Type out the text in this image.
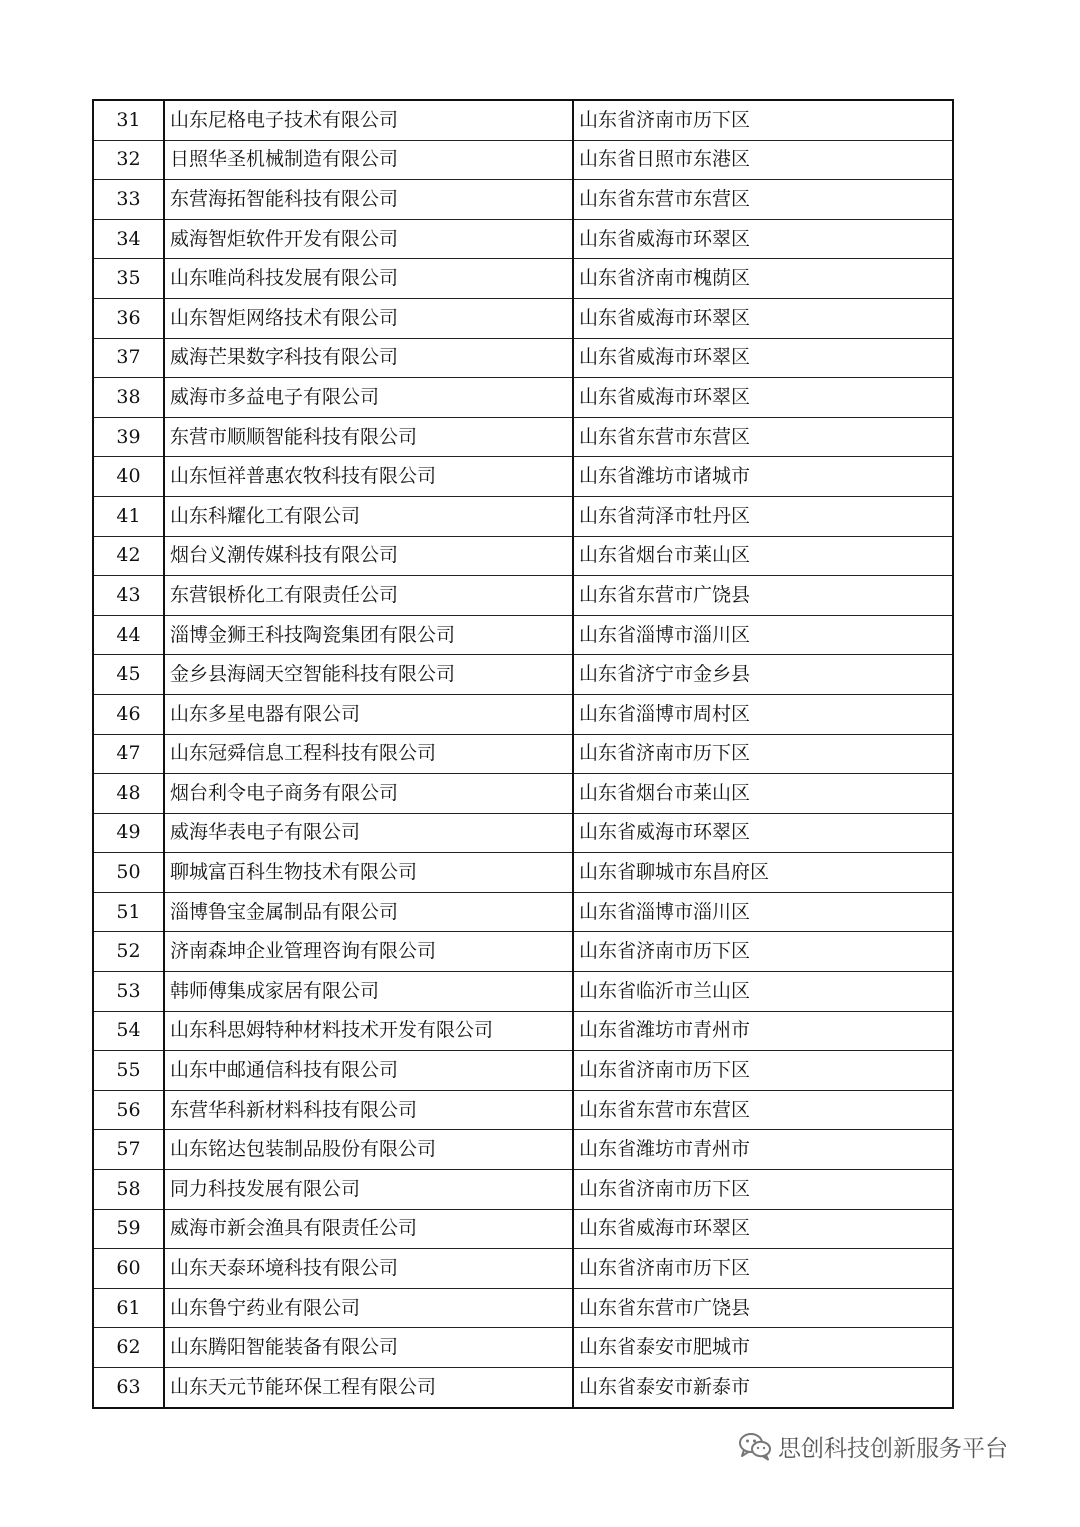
31	山东尼格电子技术有限公司	山东省济南市历下区
32	日照华圣机械制造有限公司	山东省日照市东港区
33	东营海拓智能科技有限公司	山东省东营市东营区
34	威海智炬软件开发有限公司	山东省威海市环翠区
35	山东唯尚科技发展有限公司	山东省济南市槐荫区
36	山东智炬网络技术有限公司	山东省威海市环翠区
37	威海芒果数字科技有限公司	山东省威海市环翠区
38	威海市多益电子有限公司	山东省威海市环翠区
39	东营市顺顺智能科技有限公司	山东省东营市东营区
40	山东恒祥普惠农牧科技有限公司	山东省潍坊市诸城市
41	山东科耀化工有限公司	山东省菏泽市牡丹区
42	烟台义潮传媒科技有限公司	山东省烟台市莱山区
43	东营银桥化工有限责任公司	山东省东营市广饶县
44	淄博金狮王科技陶瓷集团有限公司	山东省淄博市淄川区
45	金乡县海阔天空智能科技有限公司	山东省济宁市金乡县
46	山东多星电器有限公司	山东省淄博市周村区
47	山东冠舜信息工程科技有限公司	山东省济南市历下区
48	烟台利令电子商务有限公司	山东省烟台市莱山区
49	威海华表电子有限公司	山东省威海市环翠区
50	聊城富百科生物技术有限公司	山东省聊城市东昌府区
51	淄博鲁宝金属制品有限公司	山东省淄博市淄川区
52	济南森坤企业管理咨询有限公司	山东省济南市历下区
53	韩师傅集成家居有限公司	山东省临沂市兰山区
54	山东科思姆特种材料技术开发有限公司	山东省潍坊市青州市
55	山东中邮通信科技有限公司	山东省济南市历下区
56	东营华科新材料科技有限公司	山东省东营市东营区
57	山东铭达包装制品股份有限公司	山东省潍坊市青州市
58	同力科技发展有限公司	山东省济南市历下区
59	威海市新会渔具有限责任公司	山东省威海市环翠区
60	山东天泰环境科技有限公司	山东省济南市历下区
61	山东鲁宁药业有限公司	山东省东营市广饶县
62	山东腾阳智能装备有限公司	山东省泰安市肥城市
63	山东天元节能环保工程有限公司	山东省泰安市新泰市
思创科技创新服务平台
